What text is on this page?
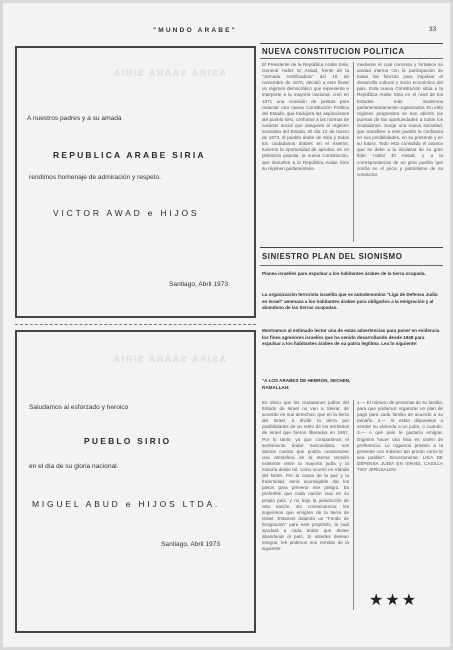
"MUNDO ARABE"	33
ASIRA SAARA SIRIA
A nuestros padres y a su amada
REPUBLICA ARABE SIRIA
rendimos homenaje de admiración y respeto.
VICTOR AWAD e HIJOS
Santiago, Abril 1973
ASIRA SAARA SIRIA
Saludamos al esforzado y heroico
PUEBLO SIRIO
en el día de su gloria nacional.
MIGUEL ABUD e HIJOS LTDA.
Santiago, Abril 1973
NUEVA CONSTITUCION POLITICA
El Presidente de la República Arabe Siria, General Hafez El Assad, frente de la "Jornada rectificadora" del 16 de noviembre de 1970, decidió a este llevar un régimen democrático que represente e interprete a la mayoría nacional, creó en 1971 una comisión de juristas para redactar una nueva Constitución Política del Estado, que tradujera las aspiraciones del pueblo sirio, conforme a las normas de carácter social que aseguren el régimen socialista del Estado. El día 12 de marzo de 1973, el pueblo árabe de Siria y todos los ciudadanos árabes en el exterior, tuvieron la oportunidad de aprobar, en un plebiscito popular, la nueva Constitución, que devuelve a la República Arabe Siria su régimen parlamentario
mediante el cual concreta y fortalece su unidad interna con la participación de todas las fuerzas para impulsar el desarrollo cultural y socio económico del país. Esta nueva Constitución sitúa a la República Arabe Siria en el nivel de los Estados más modernos parlamentariamente organizados. En este régimen progresista se han abierto las puertas de las oportunidades a todos los ciudadanos. Surge una nueva sociedad, que transfiere a este pueblo la confianza en sus posibilidades, en su presente y en su futuro. Todo esto consolida el avance que se debe a la iniciativa de su gran líder, Hafez El Assad, y a la correspondencia de un gran pueblo que confía en el juicio y patriotismo de su conductor.
SINIESTRO PLAN DEL SIONISMO
Planea israelíes para expulsar a los habitantes árabes de la tierra ocupada.
La organización terrorista israelita que se autodenomina "Liga de Defensa Judía en Israel" amenaza a los habitantes árabes para obligarlos a la emigración y al abandono de las tierras ocupadas.
Mostramos al estimado lector una de estas advertencias para poner en evidencia los fines agresores israelíes que ha venido desarrollando desde 1948 para expulsar a los habitantes árabes de su patria legítima. Lea lo siguiente:
"A LOS ARABES DE HEBRON, SECHEN, RAMALLAH:
Es obvio que los ciudadanos judíos del Estado de Israel no van a tolerar, de acuerdo en sus derechos, que en la tierra del Israel, a dividir la tierra por posibilidades de un retiro de los territorios de Israel que fueron liberados en 1967. Por lo tanto, ya que compartimos el sentimiento árabe nacionalista, nos damos cuenta que podría ocasionarse una atmósfera de la eterna tensión existente entre la mayoría judía y la minoría árabe tal, como ocurrió en Irlanda del Norte. Por la causa de la paz y la fraternidad, sería aconsejable dar los pasos para prevenir ese peligro. Es preferible que cada nación viva en su propio país, y no bajo la jurisdicción de otra nación. En consecuencia, les sugerimos que emigren de la tierra de Israel. Estamos dotando un "Fondo de Emigración" para este propósito, la cual ayudará a cada árabe que desee abandonar el país. Si ustedes desean emigrar, les pedimos nos remitan de la siguiente:
1.— El número de personas de su familia, para que podamos organizar un plan de pago para cada familia de acuerdo a su tamaño. 2.— Si están dispuestos a vender su vivienda a un judío, o cuando. 3.— A qué país le gustaría emigrar. Díganos hacer una lista en orden de preferencia. Le rogamos presten a la presente con máximo tan pronto como le sea posible". Sinceramente: LIGA DE DEFENSA JUDIA EN ISRAEL CASILLA 7307 JERUSALEN.
★★★
